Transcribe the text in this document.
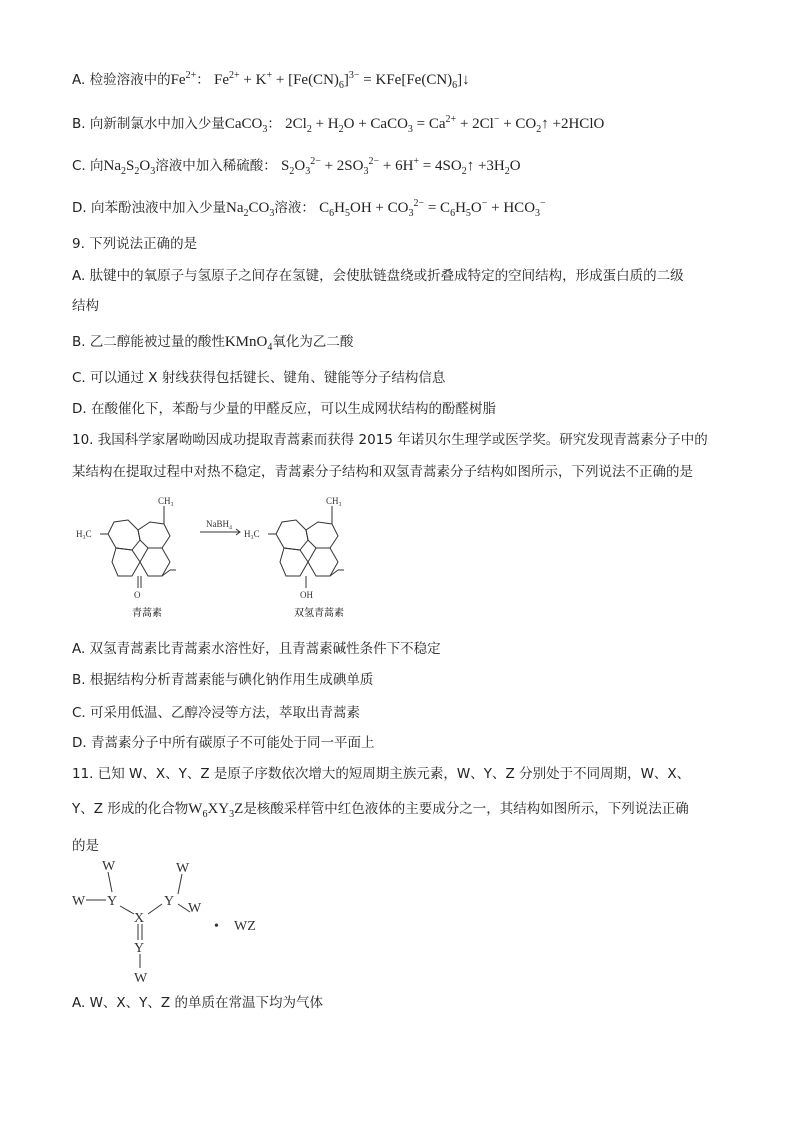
A. 检验溶液中的$Fe^{2+}$： $Fe^{2+} + K^+ + [Fe(CN)_6]^{3-}$ = $KFe[Fe(CN)_6]↓$
B. 向新制氯水中加入少量CaCO$_3$： $2Cl_2 + H_2O$ + CaCO$_3$ = $Ca^{2+} + 2Cl^-$ + $CO_2↑$ +2HClO
C. 向$Na_2S_2O_3$溶液中加入稀硫酸： $S_2O_3^{2-} + 2SO_3^{2-} + 6H^+$ = $4SO_2↑ +3H_2O$
D. 向苯酚浊液中加入少量$Na_2CO_3$溶液： $C_6H_5OH + CO_3^{2-} = C_6H_5O^- + HCO_3^-$
9. 下列说法正确的是
A. 肽键中的氧原子与氢原子之间存在氢键，会使肽链盘绕或折叠成特定的空间结构，形成蛋白质的二级
结构
B. 乙二醇能被过量的酸性KMnO$_4$氧化为乙二酸
C. 可以通过 X 射线获得包括键长、键角、键能等分子结构信息
D. 在酸催化下，苯酚与少量的甲醛反应，可以生成网状结构的酚醛树脂
10. 我国科学家屠呦呦因成功提取青蒿素而获得 2015 年诺贝尔生理学或医学奖。研究发现青蒿素分子中的
某结构在提取过程中对热不稳定，青蒿素分子结构和双氢青蒿素分子结构如图所示，下列说法不正确的是
CH₃
H₃C
O
NaBH₄
CH₃
H₃C
OH
青蒿素	双氢青蒿素
A. 双氢青蒿素比青蒿素水溶性好，且青蒿素碱性条件下不稳定
B. 根据结构分析青蒿素能与碘化钠作用生成碘单质
C. 可采用低温、乙醇冷浸等方法，萃取出青蒿素
D. 青蒿素分子中所有碳原子不可能处于同一平面上
11. 已知 W、X、Y、Z 是原子序数依次增大的短周期主族元素，W、Y、Z 分别处于不同周期，W、X、
Y、Z 形成的化合物$W_6XY_3Z$是核酸采样管中红色液体的主要成分之一，其结构如图所示，下列说法正确
的是
W
W Y
X
Y
W
W
Y
W
• WZ
A. W、X、Y、Z 的单质在常温下均为气体
